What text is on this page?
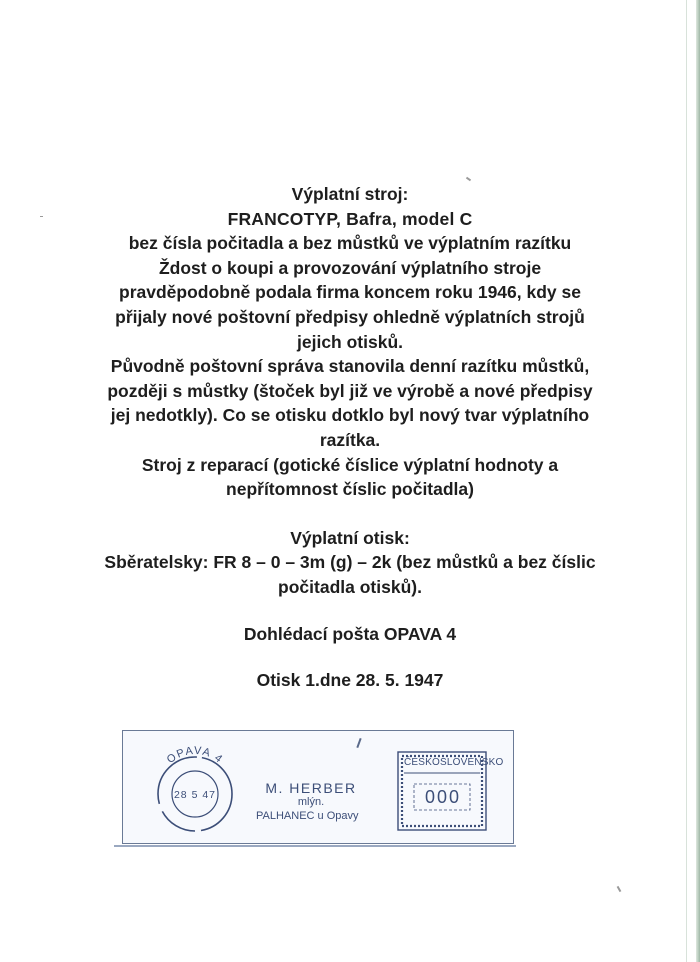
Výplatní stroj:

FRANCOTYP, Bafra, model C

bez čísla počitadla a bez můstků ve výplatním razítku

Ždost o koupi a provozování výplatního stroje

pravděpodobně podala firma koncem roku 1946, kdy se

přijaly nové poštovní předpisy ohledně výplatních strojů

jejich otisků.

Původně poštovní správa stanovila denní razítku můstků,

později s můstky (štoček byl již ve výrobě a nové předpisy

jej nedotkly). Co se otisku dotklo byl nový tvar výplatního

razítka.

Stroj z reparací (gotické číslice výplatní hodnoty a

nepřítomnost číslic počitadla)

Výplatní otisk:

Sběratelsky: FR 8 – 0 – 3m (g) – 2k (bez můstků a bez číslic

počitadla otisků).

Dohlédací pošta OPAVA 4

Otisk 1.dne 28. 5. 1947

OPAVA 4
28 5 47	M. HERBER
mlýn.
PALHANEC u Opavy
ČESKOSLOVENSKO
000
